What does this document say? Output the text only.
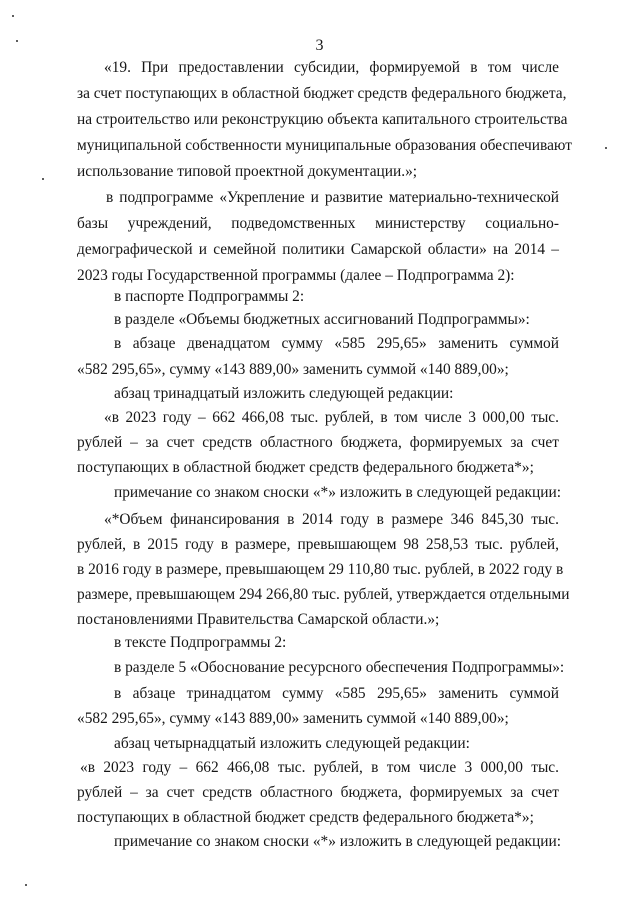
3
«19. При предоставлении субсидии, формируемой в том числе
за счет поступающих в областной бюджет средств федерального бюджета,
на строительство или реконструкцию объекта капитального строительства
муниципальной собственности муниципальные образования обеспечивают
использование типовой проектной документации.»;
в подпрограмме «Укрепление и развитие материально-технической
базы учреждений, подведомственных министерству социально-
демографической и семейной политики Самарской области» на 2014 –
2023 годы Государственной программы (далее – Подпрограмма 2):
в паспорте Подпрограммы 2:
в разделе «Объемы бюджетных ассигнований Подпрограммы»:
в абзаце двенадцатом сумму «585 295,65» заменить суммой
«582 295,65», сумму «143 889,00» заменить суммой «140 889,00»;
абзац тринадцатый изложить следующей редакции:
«в 2023 году – 662 466,08 тыс. рублей, в том числе 3 000,00 тыс.
рублей – за счет средств областного бюджета, формируемых за счет
поступающих в областной бюджет средств федерального бюджета*»;
примечание со знаком сноски «*» изложить в следующей редакции:
«*Объем финансирования в 2014 году в размере 346 845,30 тыс.
рублей, в 2015 году в размере, превышающем 98 258,53 тыс. рублей,
в 2016 году в размере, превышающем 29 110,80 тыс. рублей, в 2022 году в
размере, превышающем 294 266,80 тыс. рублей, утверждается отдельными
постановлениями Правительства Самарской области.»;
в тексте Подпрограммы 2:
в разделе 5 «Обоснование ресурсного обеспечения Подпрограммы»:
в абзаце тринадцатом сумму «585 295,65» заменить суммой
«582 295,65», сумму «143 889,00» заменить суммой «140 889,00»;
абзац четырнадцатый изложить следующей редакции:
«в 2023 году – 662 466,08 тыс. рублей, в том числе 3 000,00 тыс.
рублей – за счет средств областного бюджета, формируемых за счет
поступающих в областной бюджет средств федерального бюджета*»;
примечание со знаком сноски «*» изложить в следующей редакции:
